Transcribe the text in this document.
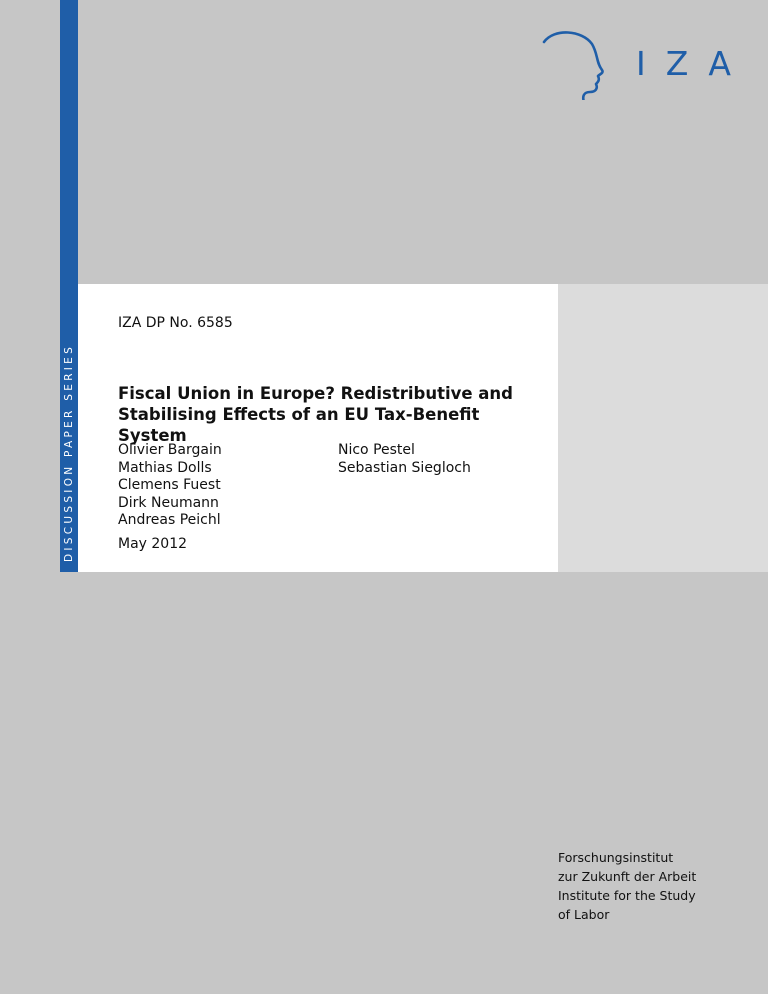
DISCUSSION PAPER SERIES
IZA
IZA DP No. 6585
Fiscal Union in Europe? Redistributive and
Stabilising Effects of an EU Tax-Benefit System
Olivier Bargain
Mathias Dolls
Clemens Fuest
Dirk Neumann
Andreas Peichl
Nico Pestel
Sebastian Siegloch
May 2012
Forschungsinstitut
zur Zukunft der Arbeit
Institute for the Study
of Labor
